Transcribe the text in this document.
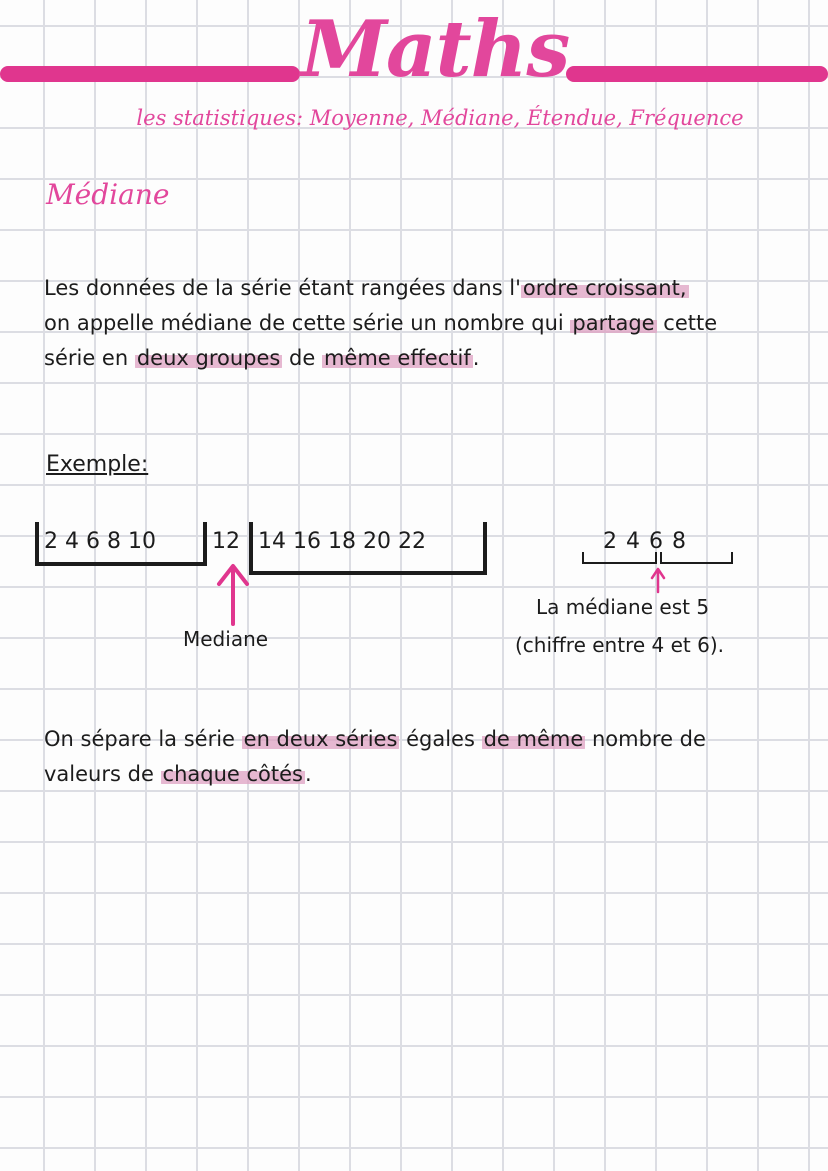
Maths
les statistiques: Moyenne, Médiane, Étendue, Fréquence
Médiane
Les données de la série étant rangées dans l'ordre croissant,
on appelle médiane de cette série un nombre qui partage cette
série en deux groupes de même effectif.
Exemple:
2 4 6 8 10	12 14 16 18 20 22
Mediane
2 4 6 8
La médiane est 5
(chiffre entre 4 et 6).
On sépare la série en deux séries égales de même nombre de
valeurs de chaque côtés.
